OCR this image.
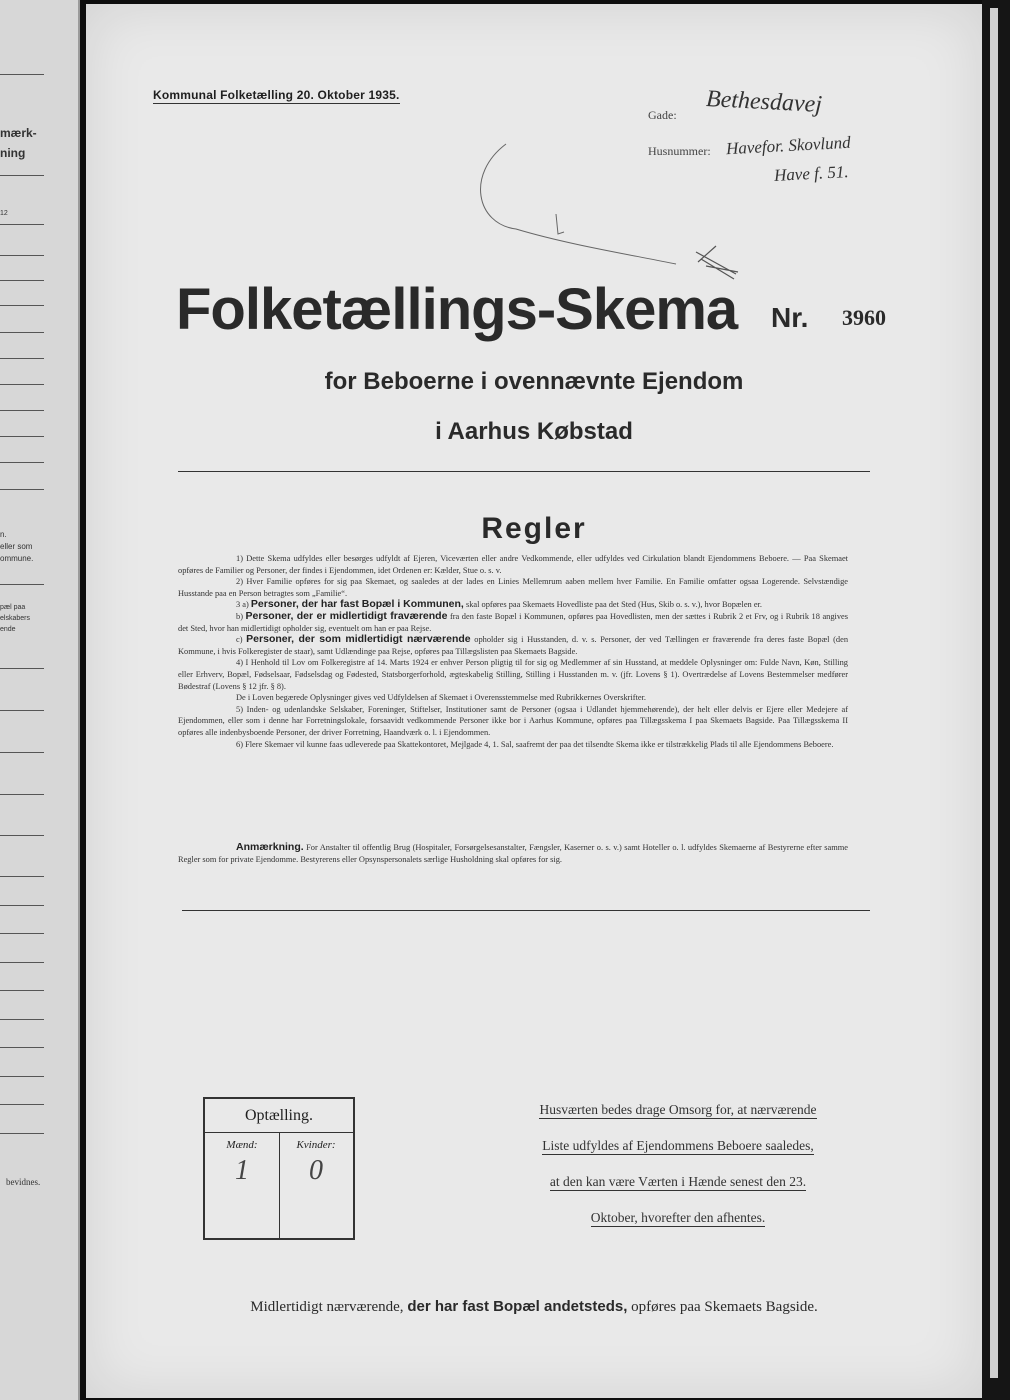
mærk-
ning
12
n.
eller som
ommune.
pæl paa
elskabers
ende
bevidnes.
Kommunal Folketælling 20. Oktober 1935.
Gade: Bethesdavej
Husnummer: Havefor. Skovlund
Have f. 51.
Folketællings-Skema Nr. 3960
for Beboerne i ovennævnte Ejendom
i Aarhus Købstad
Regler

1) Dette Skema udfyldes eller besørges udfyldt af Ejeren, Viceværten eller andre Vedkommende, eller udfyldes ved Cirkulation blandt Ejendommens Beboere. — Paa Skemaet opføres de Familier og Personer, der findes i Ejendommen, idet Ordenen er: Kælder, Stue o. s. v.

2) Hver Familie opføres for sig paa Skemaet, og saaledes at der lades en Linies Mellemrum aaben mellem hver Familie. En Familie omfatter ogsaa Logerende. Selvstændige Husstande paa en Person betragtes som „Familie“.

3 a) Personer, der har fast Bopæl i Kommunen, skal opføres paa Skemaets Hovedliste paa det Sted (Hus, Skib o. s. v.), hvor Bopælen er.

b) Personer, der er midlertidigt fraværende fra den faste Bopæl i Kommunen, opføres paa Hovedlisten, men der sættes i Rubrik 2 et Frv, og i Rubrik 18 angives det Sted, hvor han midlertidigt opholder sig, eventuelt om han er paa Rejse.

c) Personer, der som midlertidigt nærværende opholder sig i Husstanden, d. v. s. Personer, der ved Tællingen er fraværende fra deres faste Bopæl (den Kommune, i hvis Folkeregister de staar), samt Udlændinge paa Rejse, opføres paa Tillægslisten paa Skemaets Bagside.

4) I Henhold til Lov om Folkeregistre af 14. Marts 1924 er enhver Person pligtig til for sig og Medlemmer af sin Husstand, at meddele Oplysninger om: Fulde Navn, Køn, Stilling eller Erhverv, Bopæl, Fødselsaar, Fødselsdag og Fødested, Statsborgerforhold, ægteskabelig Stilling, Stilling i Husstanden m. v. (jfr. Lovens § 1). Overtrædelse af Lovens Bestemmelser medfører Bødestraf (Lovens § 12 jfr. § 8).

De i Loven begærede Oplysninger gives ved Udfyldelsen af Skemaet i Overensstemmelse med Rubrikkernes Overskrifter.

5) Inden- og udenlandske Selskaber, Foreninger, Stiftelser, Institutioner samt de Personer (ogsaa i Udlandet hjemmehørende), der helt eller delvis er Ejere eller Medejere af Ejendommen, eller som i denne har Forretningslokale, forsaavidt vedkommende Personer ikke bor i Aarhus Kommune, opføres paa Tillægsskema I paa Skemaets Bagside. Paa Tillægsskema II opføres alle indenbysboende Personer, der driver Forretning, Haandværk o. l. i Ejendommen.

6) Flere Skemaer vil kunne faas udleverede paa Skattekontoret, Mejlgade 4, 1. Sal, saafremt der paa det tilsendte Skema ikke er tilstrækkelig Plads til alle Ejendommens Beboere.

Anmærkning. For Anstalter til offentlig Brug (Hospitaler, Forsørgelsesanstalter, Fængsler, Kaserner o. s. v.) samt Hoteller o. l. udfyldes Skemaerne af Bestyrerne efter samme Regler som for private Ejendomme. Bestyrerens eller Opsynspersonalets særlige Husholdning skal opføres for sig.

Optælling.
Mænd:
1
Kvinder:
0
Husværten bedes drage Omsorg for, at nærværende
Liste udfyldes af Ejendommens Beboere saaledes,
at den kan være Værten i Hænde senest den 23.
Oktober, hvorefter den afhentes.
Midlertidigt nærværende, der har fast Bopæl andetsteds, opføres paa Skemaets Bagside.
